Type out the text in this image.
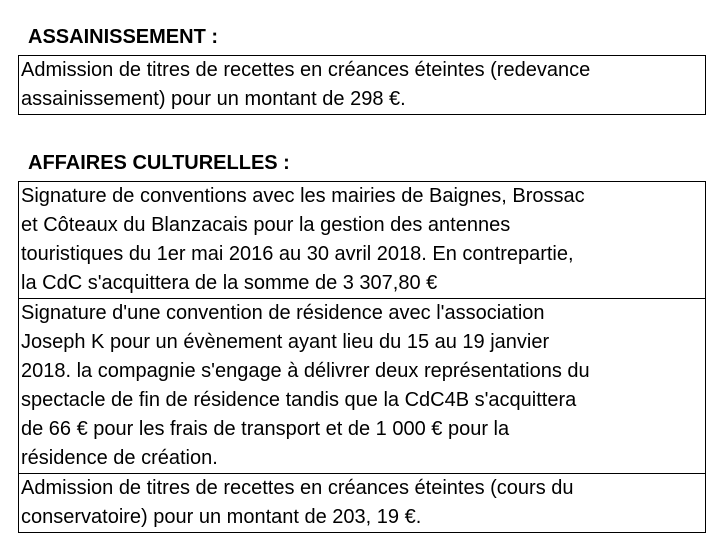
ASSAINISSEMENT :
Admission de titres de recettes en créances éteintes (redevance
assainissement) pour un montant de 298 €.
AFFAIRES CULTURELLES :
Signature de conventions avec les mairies de Baignes, Brossac
et Côteaux du Blanzacais pour la gestion des antennes
touristiques du 1er mai 2016 au 30 avril 2018. En contrepartie,
la CdC s'acquittera de la somme de 3 307,80 €
Signature d'une convention de résidence avec l'association
Joseph K pour un évènement ayant lieu du 15 au 19 janvier
2018. la compagnie s'engage à délivrer deux représentations du
spectacle de fin de résidence tandis que la CdC4B s'acquittera
de 66 € pour les frais de transport et de 1 000 € pour la
résidence de création.
Admission de titres de recettes en créances éteintes (cours du
conservatoire) pour un montant de 203, 19 €.
